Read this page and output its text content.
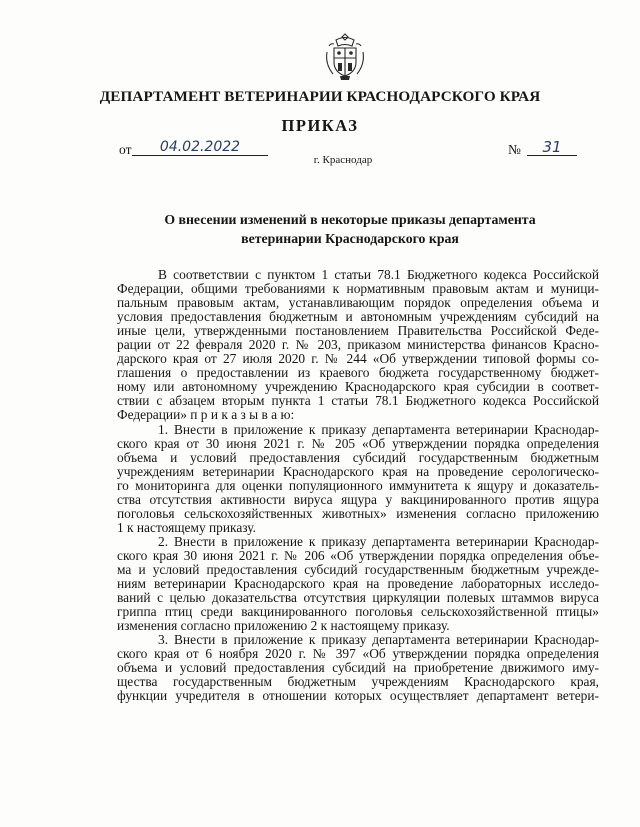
ДЕПАРТАМЕНТ ВЕТЕРИНАРИИ КРАСНОДАРСКОГО КРАЯ
ПРИКАЗ
от	04.02.2022	№	31
г. Краснодар
О внесении изменений в некоторые приказы департамента
ветеринарии Краснодарского края
В соответствии с пунктом 1 статьи 78.1 Бюджетного кодекса Российской
Федерации, общими требованиями к нормативным правовым актам и муници-
пальным правовым актам, устанавливающим порядок определения объема и
условия предоставления бюджетным и автономным учреждениям субсидий на
иные цели, утвержденными постановлением Правительства Российской Феде-
рации от 22 февраля 2020 г. № 203, приказом министерства финансов Красно-
дарского края от 27 июля 2020 г. № 244 «Об утверждении типовой формы со-
глашения о предоставлении из краевого бюджета государственному бюджет-
ному или автономному учреждению Краснодарского края субсидии в соответ-
ствии с абзацем вторым пункта 1 статьи 78.1 Бюджетного кодекса Российской
Федерации» п р и к а з ы в а ю:
1. Внести в приложение к приказу департамента ветеринарии Краснодар-
ского края от 30 июня 2021 г. № 205 «Об утверждении порядка определения
объема и условий предоставления субсидий государственным бюджетным
учреждениям ветеринарии Краснодарского края на проведение серологическо-
го мониторинга для оценки популяционного иммунитета к ящуру и доказатель-
ства отсутствия активности вируса ящура у вакцинированного против ящура
поголовья сельскохозяйственных животных» изменения согласно приложению
1 к настоящему приказу.
2. Внести в приложение к приказу департамента ветеринарии Краснодар-
ского края 30 июня 2021 г. № 206 «Об утверждении порядка определения объе-
ма и условий предоставления субсидий государственным бюджетным учрежде-
ниям ветеринарии Краснодарского края на проведение лабораторных исследо-
ваний с целью доказательства отсутствия циркуляции полевых штаммов вируса
гриппа птиц среди вакцинированного поголовья сельскохозяйственной птицы»
изменения согласно приложению 2 к настоящему приказу.
3. Внести в приложение к приказу департамента ветеринарии Краснодар-
ского края от 6 ноября 2020 г. № 397 «Об утверждении порядка определения
объема и условий предоставления субсидий на приобретение движимого иму-
щества государственным бюджетным учреждениям Краснодарского края,
функции учредителя в отношении которых осуществляет департамент ветери-
